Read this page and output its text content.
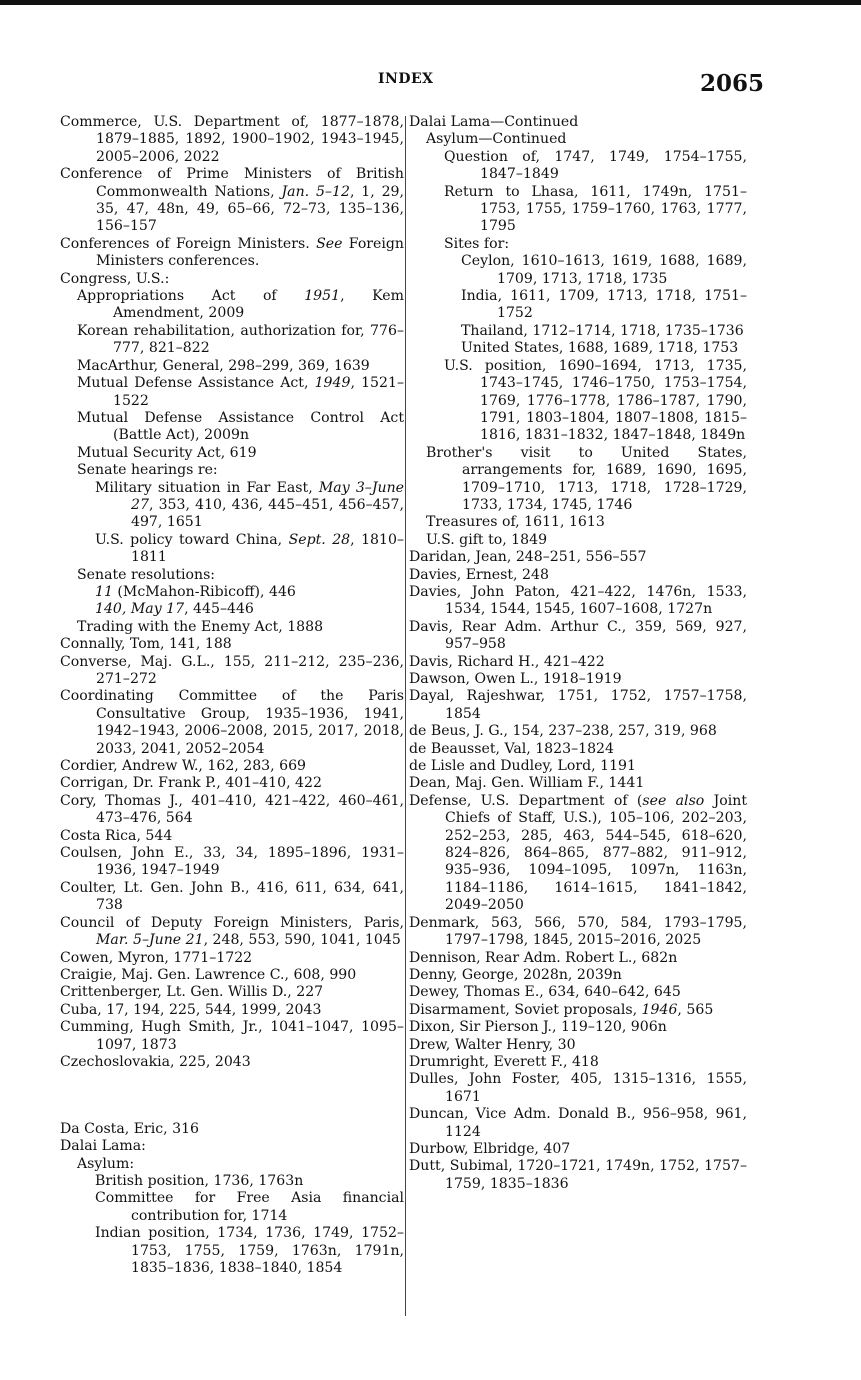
INDEX	2065

Commerce, U.S. Department of, 1877–1878, 1879–1885, 1892, 1900–1902, 1943–1945, 2005–2006, 2022

Conference of Prime Ministers of British Commonwealth Nations, Jan. 5–12, 1, 29, 35, 47, 48n, 49, 65–66, 72–73, 135–136, 156–157

Conferences of Foreign Ministers. See Foreign Ministers conferences.

Congress, U.S.:

Appropriations Act of 1951, Kem Amendment, 2009

Korean rehabilitation, authorization for, 776–777, 821–822

MacArthur, General, 298–299, 369, 1639

Mutual Defense Assistance Act, 1949, 1521–1522

Mutual Defense Assistance Control Act (Battle Act), 2009n

Mutual Security Act, 619

Senate hearings re:

Military situation in Far East, May 3–June 27, 353, 410, 436, 445–451, 456–457, 497, 1651

U.S. policy toward China, Sept. 28, 1810–1811

Senate resolutions:

11 (McMahon-Ribicoff), 446

140, May 17, 445–446

Trading with the Enemy Act, 1888

Connally, Tom, 141, 188

Converse, Maj. G.L., 155, 211–212, 235–236, 271–272

Coordinating Committee of the Paris Consultative Group, 1935–1936, 1941, 1942–1943, 2006–2008, 2015, 2017, 2018, 2033, 2041, 2052–2054

Cordier, Andrew W., 162, 283, 669

Corrigan, Dr. Frank P., 401–410, 422

Cory, Thomas J., 401–410, 421–422, 460–461, 473–476, 564

Costa Rica, 544

Coulsen, John E., 33, 34, 1895–1896, 1931–1936, 1947–1949

Coulter, Lt. Gen. John B., 416, 611, 634, 641, 738

Council of Deputy Foreign Ministers, Paris, Mar. 5–June 21, 248, 553, 590, 1041, 1045

Cowen, Myron, 1771–1722

Craigie, Maj. Gen. Lawrence C., 608, 990

Crittenberger, Lt. Gen. Willis D., 227

Cuba, 17, 194, 225, 544, 1999, 2043

Cumming, Hugh Smith, Jr., 1041–1047, 1095–1097, 1873

Czechoslovakia, 225, 2043

Da Costa, Eric, 316

Dalai Lama:

Asylum:

British position, 1736, 1763n

Committee for Free Asia financial contribution for, 1714

Indian position, 1734, 1736, 1749, 1752–1753, 1755, 1759, 1763n, 1791n, 1835–1836, 1838–1840, 1854

Dalai Lama—Continued

Asylum—Continued

Question of, 1747, 1749, 1754–1755, 1847–1849

Return to Lhasa, 1611, 1749n, 1751–1753, 1755, 1759–1760, 1763, 1777, 1795

Sites for:

Ceylon, 1610–1613, 1619, 1688, 1689, 1709, 1713, 1718, 1735

India, 1611, 1709, 1713, 1718, 1751–1752

Thailand, 1712–1714, 1718, 1735–1736

United States, 1688, 1689, 1718, 1753

U.S. position, 1690–1694, 1713, 1735, 1743–1745, 1746–1750, 1753–1754, 1769, 1776–1778, 1786–1787, 1790, 1791, 1803–1804, 1807–1808, 1815–1816, 1831–1832, 1847–1848, 1849n

Brother's visit to United States, arrangements for, 1689, 1690, 1695, 1709–1710, 1713, 1718, 1728–1729, 1733, 1734, 1745, 1746

Treasures of, 1611, 1613

U.S. gift to, 1849

Daridan, Jean, 248–251, 556–557

Davies, Ernest, 248

Davies, John Paton, 421–422, 1476n, 1533, 1534, 1544, 1545, 1607–1608, 1727n

Davis, Rear Adm. Arthur C., 359, 569, 927, 957–958

Davis, Richard H., 421–422

Dawson, Owen L., 1918–1919

Dayal, Rajeshwar, 1751, 1752, 1757–1758, 1854

de Beus, J. G., 154, 237–238, 257, 319, 968

de Beausset, Val, 1823–1824

de Lisle and Dudley, Lord, 1191

Dean, Maj. Gen. William F., 1441

Defense, U.S. Department of (see also Joint Chiefs of Staff, U.S.), 105–106, 202–203, 252–253, 285, 463, 544–545, 618–620, 824–826, 864–865, 877–882, 911–912, 935–936, 1094–1095, 1097n, 1163n, 1184–1186, 1614–1615, 1841–1842, 2049–2050

Denmark, 563, 566, 570, 584, 1793–1795, 1797–1798, 1845, 2015–2016, 2025

Dennison, Rear Adm. Robert L., 682n

Denny, George, 2028n, 2039n

Dewey, Thomas E., 634, 640–642, 645

Disarmament, Soviet proposals, 1946, 565

Dixon, Sir Pierson J., 119–120, 906n

Drew, Walter Henry, 30

Drumright, Everett F., 418

Dulles, John Foster, 405, 1315–1316, 1555, 1671

Duncan, Vice Adm. Donald B., 956–958, 961, 1124

Durbow, Elbridge, 407

Dutt, Subimal, 1720–1721, 1749n, 1752, 1757–1759, 1835–1836
